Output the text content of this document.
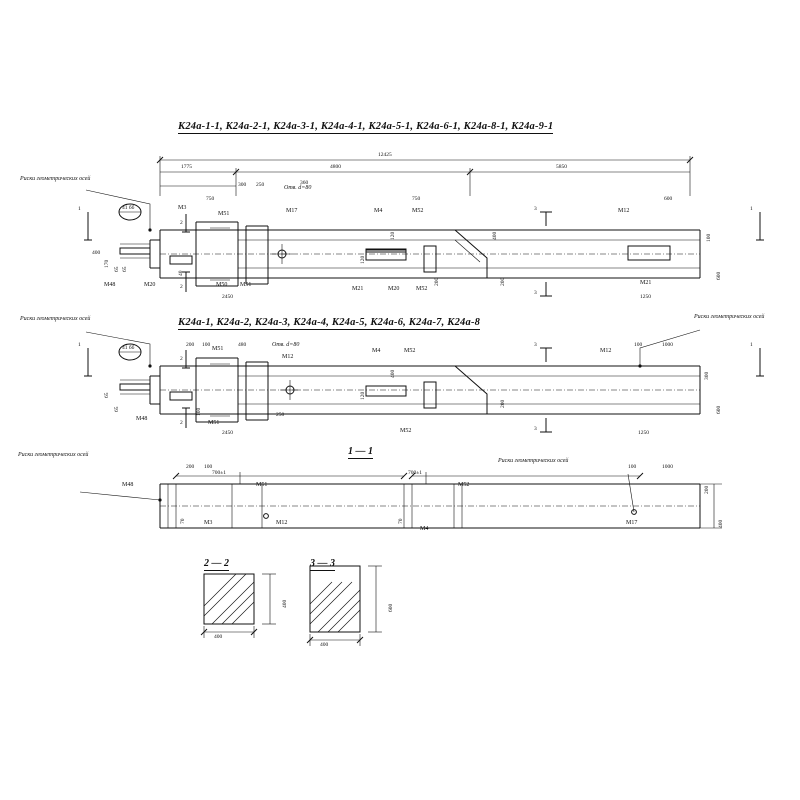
К24а-1-1, К24а-2-1, К24а-3-1, К24а-4-1, К24а-5-1, К24а-6-1, К24а-8-1, К24а-9-1
К24а-1, К24а-2, К24а-3, К24а-4, К24а-5, К24а-6, К24а-7, К24а-8
1 — 1
2 — 2	3 — 3
Риски геометрических осей
1775	4800	5850
12425
300 250	360
750	750	600
Отв. d=80
М3
М51	М17	М4	М52	М12
М48	М20	М50 М51
М21	М20	М52
М21
400
170
65 65
40
2450	1250
120
120	400
600
100
200
200
1	1
2
2
3
3
41 бб
Риски геометрических осей	Риски геометрических осей
Отв. d=80
М51
М12
М4	М52	М12
М48
М51
М52
200 100	480
2450	1250
1000
100
250
120
100
300
200
400
600
65
65
1	1
2
2
3
3
41 бб
Риски геометрических осей
Риски геометрических осей
М48
М3
М51
М12
М4
М52
М17
200 100
700±1	700±1
100	1000
200
400
70	70
400
400
400
600
